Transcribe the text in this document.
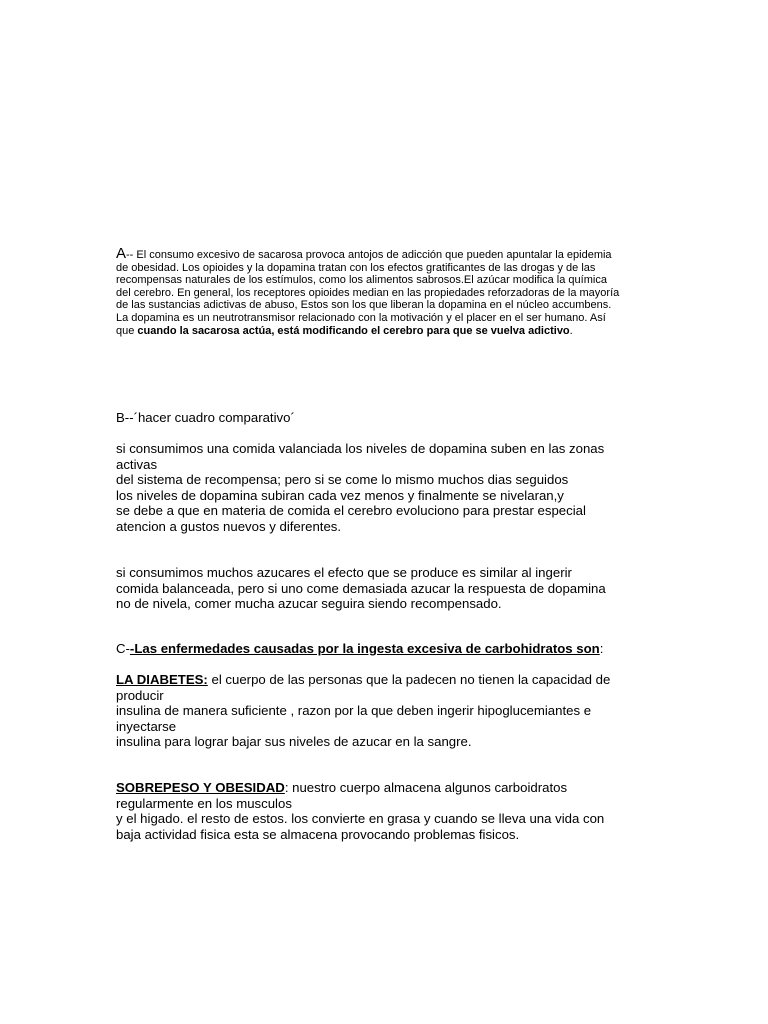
A-- El consumo excesivo de sacarosa provoca antojos de adicción que pueden apuntalar la epidemia
de obesidad. Los opioides y la dopamina tratan con los efectos gratificantes de las drogas y de las
recompensas naturales de los estímulos, como los alimentos sabrosos.El azúcar modifica la química
del cerebro. En general, los receptores opioides median en las propiedades reforzadoras de la mayoría
de las sustancias adictivas de abuso, Estos son los que liberan la dopamina en el núcleo accumbens.
La dopamina es un neutrotransmisor relacionado con la motivación y el placer en el ser humano. Así
que cuando la sacarosa actúa, está modificando el cerebro para que se vuelva adictivo.
B--´hacer cuadro comparativo´
si consumimos una comida valanciada los niveles de dopamina suben en las zonas
activas
del sistema de recompensa; pero si se come lo mismo muchos dias seguidos
los niveles de dopamina subiran cada vez menos y finalmente se nivelaran,y
se debe a que en materia de comida el cerebro evoluciono para prestar especial
atencion a gustos nuevos y diferentes.
si consumimos muchos azucares el efecto que se produce es similar al ingerir
comida balanceada, pero si uno come demasiada azucar la respuesta de dopamina
no de nivela, comer mucha azucar seguira siendo recompensado.
C--Las enfermedades causadas por la ingesta excesiva de carbohidratos son:
LA DIABETES: el cuerpo de las personas que la padecen no tienen la capacidad de
producir
insulina de manera suficiente , razon por la que deben ingerir hipoglucemiantes e
inyectarse
insulina para lograr bajar sus niveles de azucar en la sangre.
SOBREPESO Y OBESIDAD: nuestro cuerpo almacena algunos carboidratos
regularmente en los musculos
y el higado. el resto de estos. los convierte en grasa y cuando se lleva una vida con
baja actividad fisica esta se almacena provocando problemas fisicos.
